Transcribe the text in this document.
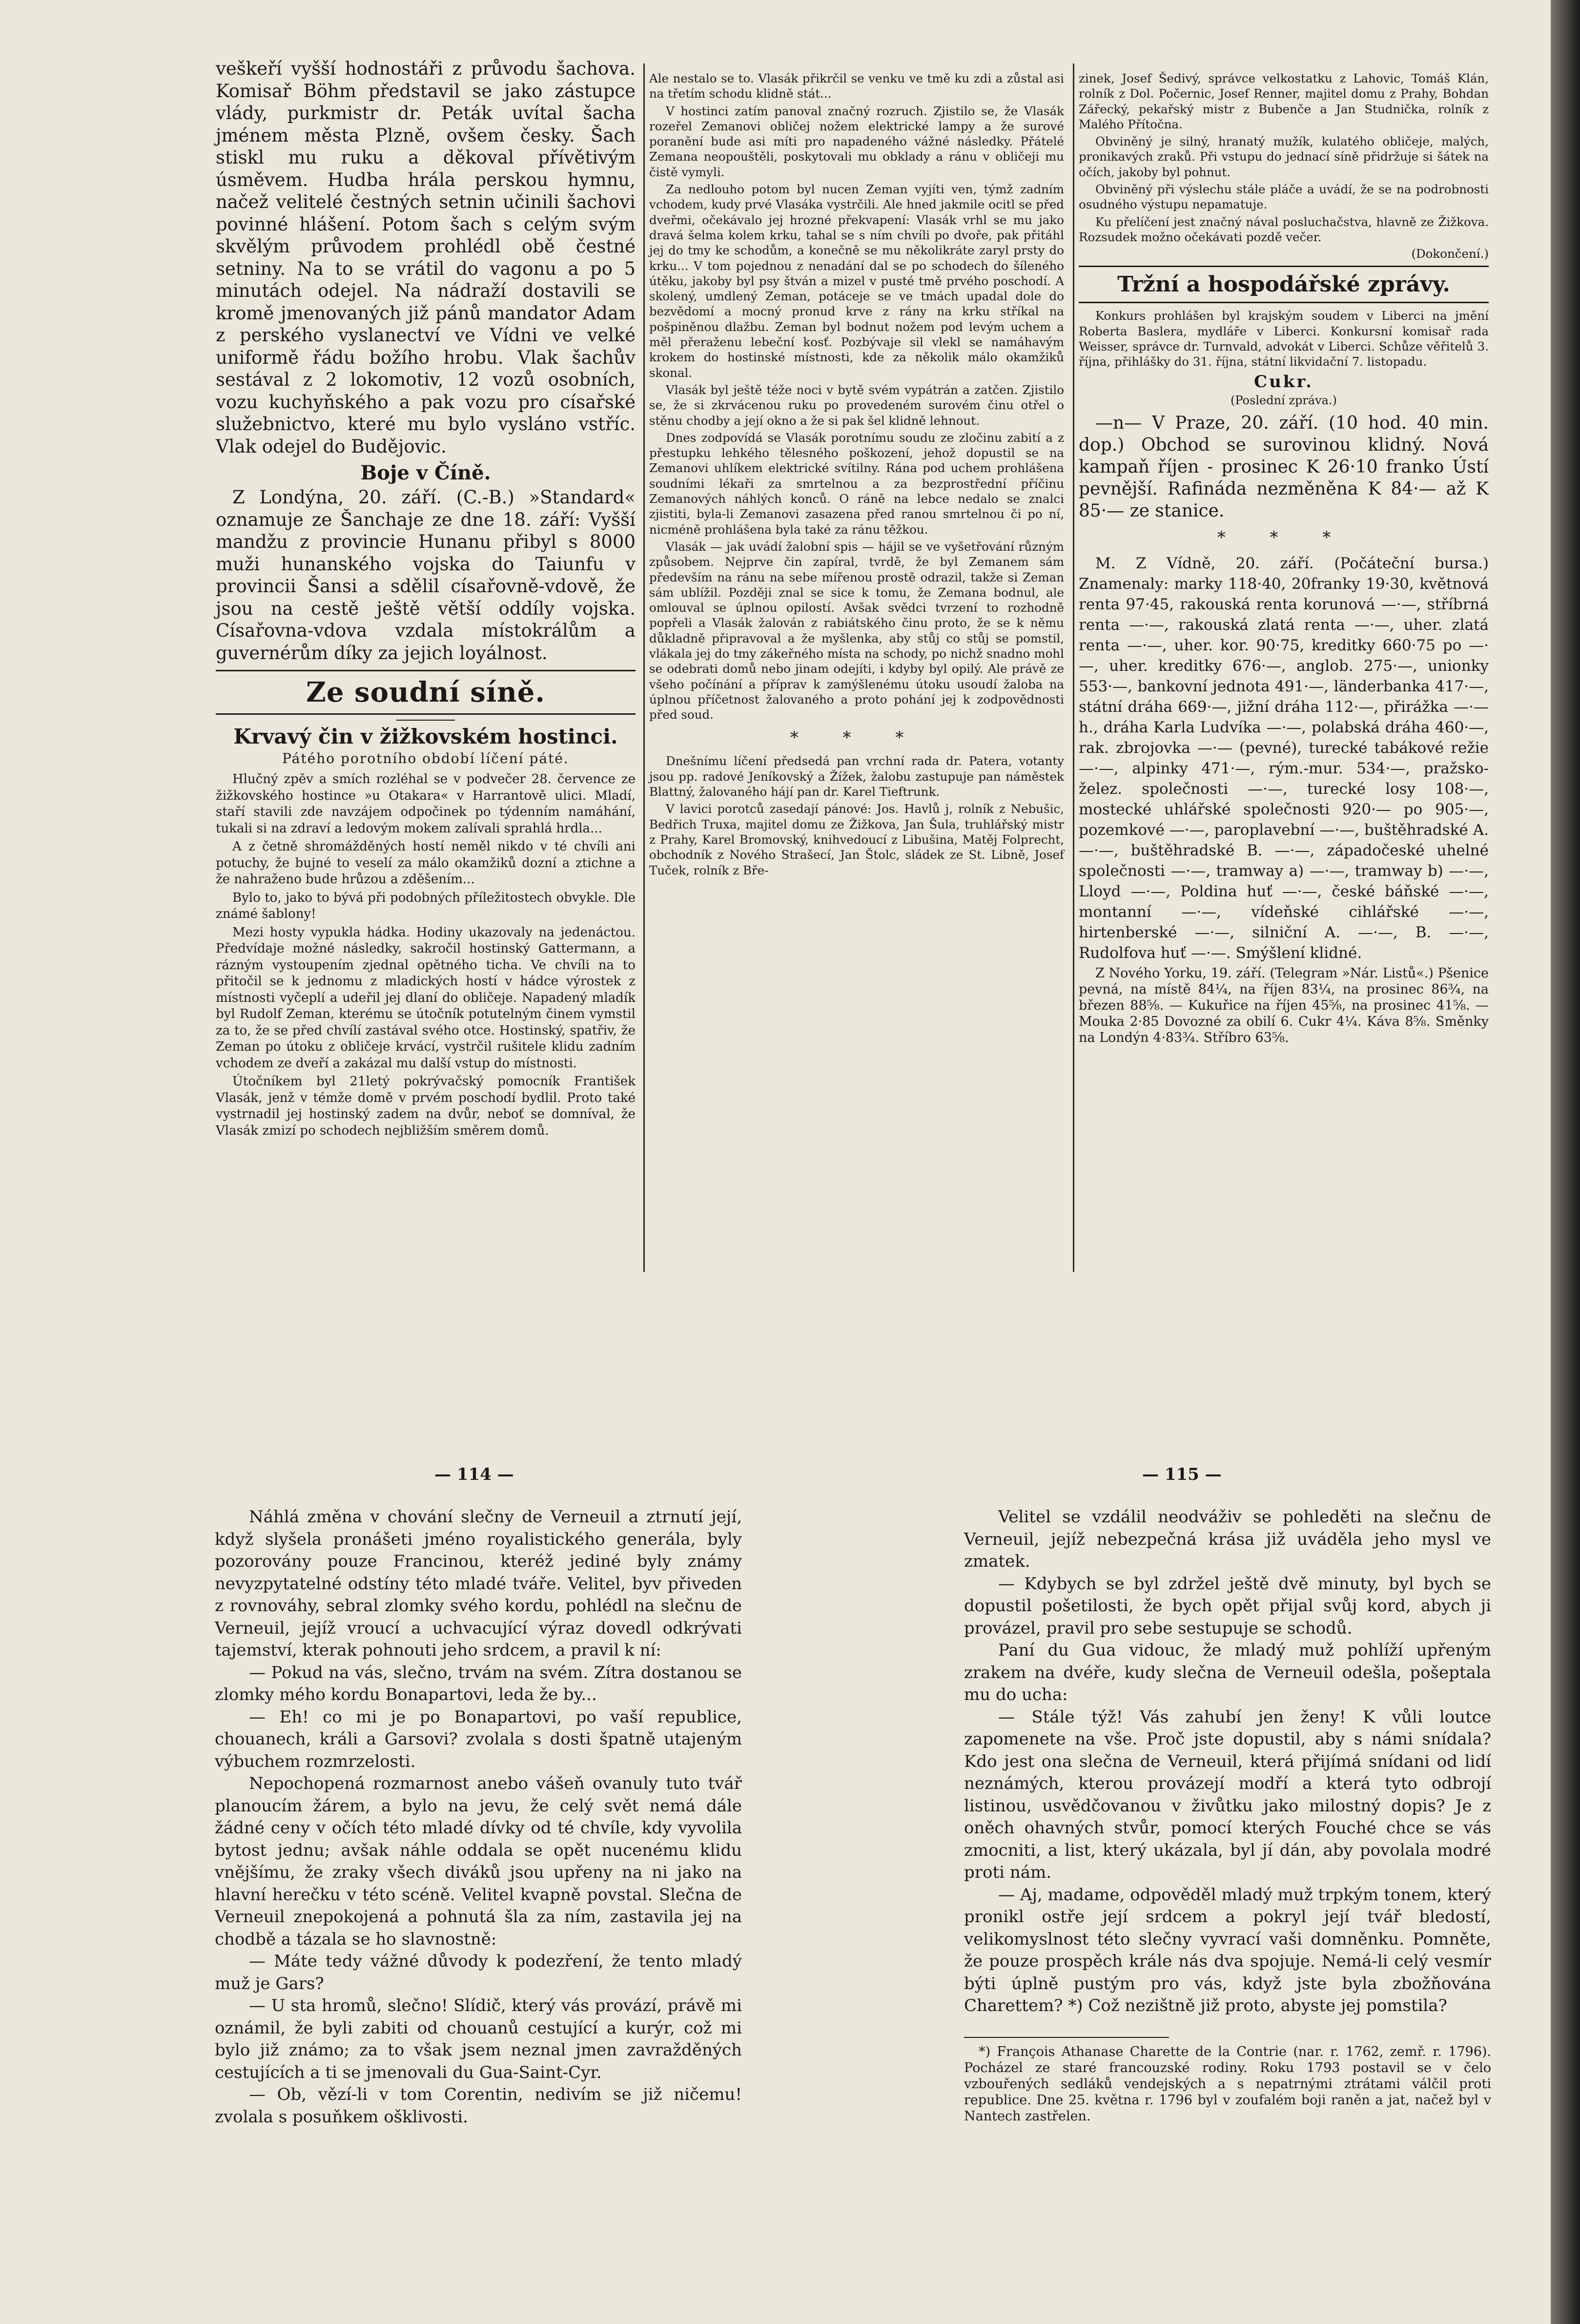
veškeří vyšší hodnostáři z průvodu šachova. Komisař Böhm představil se jako zástupce vlády, purkmistr dr. Peták uvítal šacha jménem města Plzně, ovšem česky. Šach stiskl mu ruku a děkoval přívětivým úsměvem. Hudba hrála perskou hymnu, načež velitelé čestných setnin učinili šachovi povinné hlášení. Potom šach s celým svým skvělým průvodem prohlédl obě čestné setniny. Na to se vrátil do vagonu a po 5 minutách odejel. Na nádraží dostavili se kromě jmenovaných již pánů mandator Adam z perského vyslanectví ve Vídni ve velké uniformě řádu božího hrobu. Vlak šachův sestával z 2 lokomotiv, 12 vozů osobních, vozu kuchyňského a pak vozu pro císařské služebnictvo, které mu bylo vysláno vstříc. Vlak odejel do Budějovic.

Boje v Číně.

Z Londýna, 20. září. (C.-B.) »Standard« oznamuje ze Šanchaje ze dne 18. září: Vyšší mandžu z provincie Hunanu přibyl s 8000 muži hunanského vojska do Taiunfu v provincii Šansi a sdělil císařovně-vdově, že jsou na cestě ještě větší oddíly vojska. Císařovna-vdova vzdala místokrálům a guvernérům díky za jejich loyálnost.

Ze soudní síně.
Krvavý čin v žižkovském hostinci.
Pátého porotního období líčení páté.

Hlučný zpěv a smích rozléhal se v podvečer 28. července ze žižkovského hostince »u Otakara« v Harrantově ulici. Mladí, staří stavili zde navzájem odpočinek po týdenním namáhání, tukali si na zdraví a ledovým mokem zalívali sprahlá hrdla...

A z četně shromážděných hostí neměl nikdo v té chvíli ani potuchy, že bujné to veselí za málo okamžiků dozní a ztichne a že nahraženo bude hrůzou a zděšením...

Bylo to, jako to bývá při podobných příležitostech obvykle. Dle známé šablony!

Mezi hosty vypukla hádka. Hodiny ukazovaly na jedenáctou. Předvídaje možné následky, sakročil hostinský Gattermann, a rázným vystoupením zjednal opětného ticha. Ve chvíli na to přitočil se k jednomu z mladických hostí v hádce výrostek z místnosti vyčeplí a udeřil jej dlaní do obličeje. Napadený mladík byl Rudolf Zeman, kterému se útočník potutelným činem vymstil za to, že se před chvílí zastával svého otce. Hostinský, spatřiv, že Zeman po útoku z obličeje krvácí, vystrčil rušitele klidu zadním vchodem ze dveří a zakázal mu další vstup do místnosti.

Útočníkem byl 21letý pokrývačský pomocník František Vlasák, jenž v témže domě v prvém poschodí bydlil. Proto také vystrnadil jej hostinský zadem na dvůr, neboť se domníval, že Vlasák zmizí po schodech nejbližším směrem domů.

Ale nestalo se to. Vlasák přikrčil se venku ve tmě ku zdi a zůstal asi na třetím schodu klidně stát...

V hostinci zatím panoval značný rozruch. Zjistilo se, že Vlasák rozeřel Zemanovi obličej nožem elektrické lampy a že surové poranění bude asi míti pro napadeného vážné následky. Přátelé Zemana neopouštěli, poskytovali mu obklady a ránu v obličeji mu čistě vymyli.

Za nedlouho potom byl nucen Zeman vyjíti ven, týmž zadním vchodem, kudy prvé Vlasáka vystrčili. Ale hned jakmile ocitl se před dveřmi, očekávalo jej hrozné překvapení: Vlasák vrhl se mu jako dravá šelma kolem krku, tahal se s ním chvíli po dvoře, pak přitáhl jej do tmy ke schodům, a konečně se mu několikráte zaryl prsty do krku... V tom pojednou z nenadání dal se po schodech do šíleného útěku, jakoby byl psy štván a mizel v pusté tmě prvého poschodí. A skolený, umdlený Zeman, potáceje se ve tmách upadal dole do bezvědomí a mocný pronud krve z rány na krku stříkal na pošpiněnou dlažbu. Zeman byl bodnut nožem pod levým uchem a měl přeraženu lebeční kosť. Pozbývaje sil vlekl se namáhavým krokem do hostinské místnosti, kde za několik málo okamžiků skonal.

Vlasák byl ještě téže noci v bytě svém vypátrán a zatčen. Zjistilo se, že si zkrvácenou ruku po provedeném surovém činu otřel o stěnu chodby a její okno a že si pak šel klidně lehnout.

Dnes zodpovídá se Vlasák porotnímu soudu ze zločinu zabití a z přestupku lehkého tělesného poškození, jehož dopustil se na Zemanovi uhlíkem elektrické svítilny. Rána pod uchem prohlášena soudními lékaři za smrtelnou a za bezprostřední příčinu Zemanových náhlých konců. O ráně na lebce nedalo se znalci zjistiti, byla-li Zemanovi zasazena před ranou smrtelnou či po ní, nicméně prohlášena byla také za ránu těžkou.

Vlasák — jak uvádí žalobní spis — hájil se ve vyšetřování různým způsobem. Nejprve čin zapíral, tvrdě, že byl Zemanem sám především na ránu na sebe mířenou prostě odrazil, takže si Zeman sám ublížil. Později znal se sice k tomu, že Zemana bodnul, ale omlouval se úplnou opilostí. Avšak svědci tvrzení to rozhodně popřeli a Vlasák žalován z rabiátského činu proto, že se k němu důkladně připravoval a že myšlenka, aby stůj co stůj se pomstil, vlákala jej do tmy zákeřného místa na schody, po nichž snadno mohl se odebrati domů nebo jinam odejíti, i kdyby byl opilý. Ale právě ze všeho počínání a příprav k zamýšlenému útoku usoudí žaloba na úplnou příčetnost žalovaného a proto pohání jej k zodpovědnosti před soud.

* * *

Dnešnímu líčení předsedá pan vrchní rada dr. Patera, votanty jsou pp. radové Jeníkovský a Žížek, žalobu zastupuje pan náměstek Blattný, žalovaného hájí pan dr. Karel Tieftrunk.

V lavici porotců zasedají pánové: Jos. Havlů j, rolník z Nebušic, Bedřich Truxa, majitel domu ze Žižkova, Jan Šula, truhlářský mistr z Prahy, Karel Bromovský, knihvedoucí z Libušina, Matěj Folprecht, obchodník z Nového Strašecí, Jan Štolc, sládek ze St. Libně, Josef Tuček, rolník z Bře-

zinek, Josef Šedivý, správce velkostatku z Lahovic, Tomáš Klán, rolník z Dol. Počernic, Josef Renner, majitel domu z Prahy, Bohdan Zářecký, pekařský mistr z Bubenče a Jan Studnička, rolník z Malého Přítočna.

Obviněný je silný, hranatý mužík, kulatého obličeje, malých, pronikavých zraků. Při vstupu do jednací síně přidržuje si šátek na očích, jakoby byl pohnut.

Obviněný při výslechu stále pláče a uvádí, že se na podrobnosti osudného výstupu nepamatuje.

Ku přelíčení jest značný nával posluchačstva, hlavně ze Žižkova. Rozsudek možno očekávati pozdě večer.

(Dokončení.)
Tržní a hospodářské zprávy.

Konkurs prohlášen byl krajským soudem v Liberci na jmění Roberta Baslera, mydláře v Liberci. Konkursní komisař rada Weisser, správce dr. Turnvald, advokát v Liberci. Schůze věřitelů 3. října, přihlášky do 31. října, státní likvidační 7. listopadu.

Cukr.
(Poslední zpráva.)

—n— V Praze, 20. září. (10 hod. 40 min. dop.) Obchod se surovinou klidný. Nová kampaň říjen - prosinec K 26·10 franko Ústí pevnější. Rafináda nezměněna K 84·— až K 85·— ze stanice.

* * *

M. Z Vídně, 20. září. (Počáteční bursa.) Znamenaly: marky 118·40, 20franky 19·30, květnová renta 97·45, rakouská renta korunová —·—, stříbrná renta —·—, rakouská zlatá renta —·—, uher. zlatá renta —·—, uher. kor. 90·75, kreditky 660·75 po —·—, uher. kreditky 676·—, anglob. 275·—, unionky 553·—, bankovní jednota 491·—, länderbanka 417·—, státní dráha 669·—, jižní dráha 112·—, přirážka —·— h., dráha Karla Ludvíka —·—, polabská dráha 460·—, rak. zbrojovka —·— (pevné), turecké tabákové režie —·—, alpinky 471·—, rým.-mur. 534·—, pražsko-želez. společnosti —·—, turecké losy 108·—, mostecké uhlářské společnosti 920·— po 905·—, pozemkové —·—, paroplavební —·—, buštěhradské A. —·—, buštěhradské B. —·—, západočeské uhelné společnosti —·—, tramway a) —·—, tramway b) —·—, Lloyd —·—, Poldina huť —·—, české báňské —·—, montanní —·—, vídeňské cihlářské —·—, hirtenberské —·—, silniční A. —·—, B. —·—, Rudolfova huť —·—. Smýšlení klidné.

Z Nového Yorku, 19. září. (Telegram »Nár. Listů«.) Pšenice pevná, na místě 84¼, na říjen 83¼, na prosinec 86¾, na březen 88⅝. — Kukuřice na říjen 45⅝, na prosinec 41⅝. — Mouka 2·85 Dovozné za obilí 6. Cukr 4¼. Káva 8⅝. Směnky na Londýn 4·83¾. Stříbro 63⅝.

— 114 —	— 115 —

Náhlá změna v chování slečny de Verneuil a ztrnutí její, když slyšela pronášeti jméno royalistického generála, byly pozorovány pouze Francinou, kteréž jediné byly známy nevyzpytatelné odstíny této mladé tváře. Velitel, byv přiveden z rovnováhy, sebral zlomky svého kordu, pohlédl na slečnu de Verneuil, jejíž vroucí a uchvacující výraz dovedl odkrývati tajemství, kterak pohnouti jeho srdcem, a pravil k ní:

— Pokud na vás, slečno, trvám na svém. Zítra dostanou se zlomky mého kordu Bonapartovi, leda že by...

— Eh! co mi je po Bonapartovi, po vaší republice, chouanech, králi a Garsovi? zvolala s dosti špatně utajeným výbuchem rozmrzelosti.

Nepochopená rozmarnost anebo vášeň ovanuly tuto tvář planoucím žárem, a bylo na jevu, že celý svět nemá dále žádné ceny v očích této mladé dívky od té chvíle, kdy vyvolila bytost jednu; avšak náhle oddala se opět nucenému klidu vnějšímu, že zraky všech diváků jsou upřeny na ni jako na hlavní herečku v této scéně. Velitel kvapně povstal. Slečna de Verneuil znepokojená a pohnutá šla za ním, zastavila jej na chodbě a tázala se ho slavnostně:

— Máte tedy vážné důvody k podezření, že tento mladý muž je Gars?

— U sta hromů, slečno! Slídič, který vás provází, právě mi oznámil, že byli zabiti od chouanů cestující a kurýr, což mi bylo již známo; za to však jsem neznal jmen zavražděných cestujících a ti se jmenovali du Gua-Saint-Cyr.

— Ob, vězí-li v tom Corentin, nedivím se již ničemu! zvolala s posuňkem ošklivosti.

Velitel se vzdálil neodváživ se pohleděti na slečnu de Verneuil, jejíž nebezpečná krása již uváděla jeho mysl ve zmatek.

— Kdybych se byl zdržel ještě dvě minuty, byl bych se dopustil pošetilosti, že bych opět přijal svůj kord, abych ji provázel, pravil pro sebe sestupuje se schodů.

Paní du Gua vidouc, že mladý muž pohlíží upřeným zrakem na dvéře, kudy slečna de Verneuil odešla, pošeptala mu do ucha:

— Stále týž! Vás zahubí jen ženy! K vůli loutce zapomenete na vše. Proč jste dopustil, aby s námi snídala? Kdo jest ona slečna de Verneuil, která přijímá snídani od lidí neznámých, kterou provázejí modří a která tyto odbrojí listinou, usvědčovanou v živůtku jako milostný dopis? Je z oněch ohavných stvůr, pomocí kterých Fouché chce se vás zmocniti, a list, který ukázala, byl jí dán, aby povolala modré proti nám.

— Aj, madame, odpověděl mladý muž trpkým tonem, který pronikl ostře její srdcem a pokryl její tvář bledostí, velikomyslnost této slečny vyvrací vaši domněnku. Pomněte, že pouze prospěch krále nás dva spojuje. Nemá-li celý vesmír býti úplně pustým pro vás, když jste byla zbožňována Charettem? *) Což nezištně již proto, abyste jej pomstila?

*) François Athanase Charette de la Contrie (nar. r. 1762, zemř. r. 1796). Pocházel ze staré francouzské rodiny. Roku 1793 postavil se v čelo vzbouřených sedláků vendejských a s nepatrnými ztrátami válčil proti republice. Dne 25. května r. 1796 byl v zoufalém boji raněn a jat, načež byl v Nantech zastřelen.
